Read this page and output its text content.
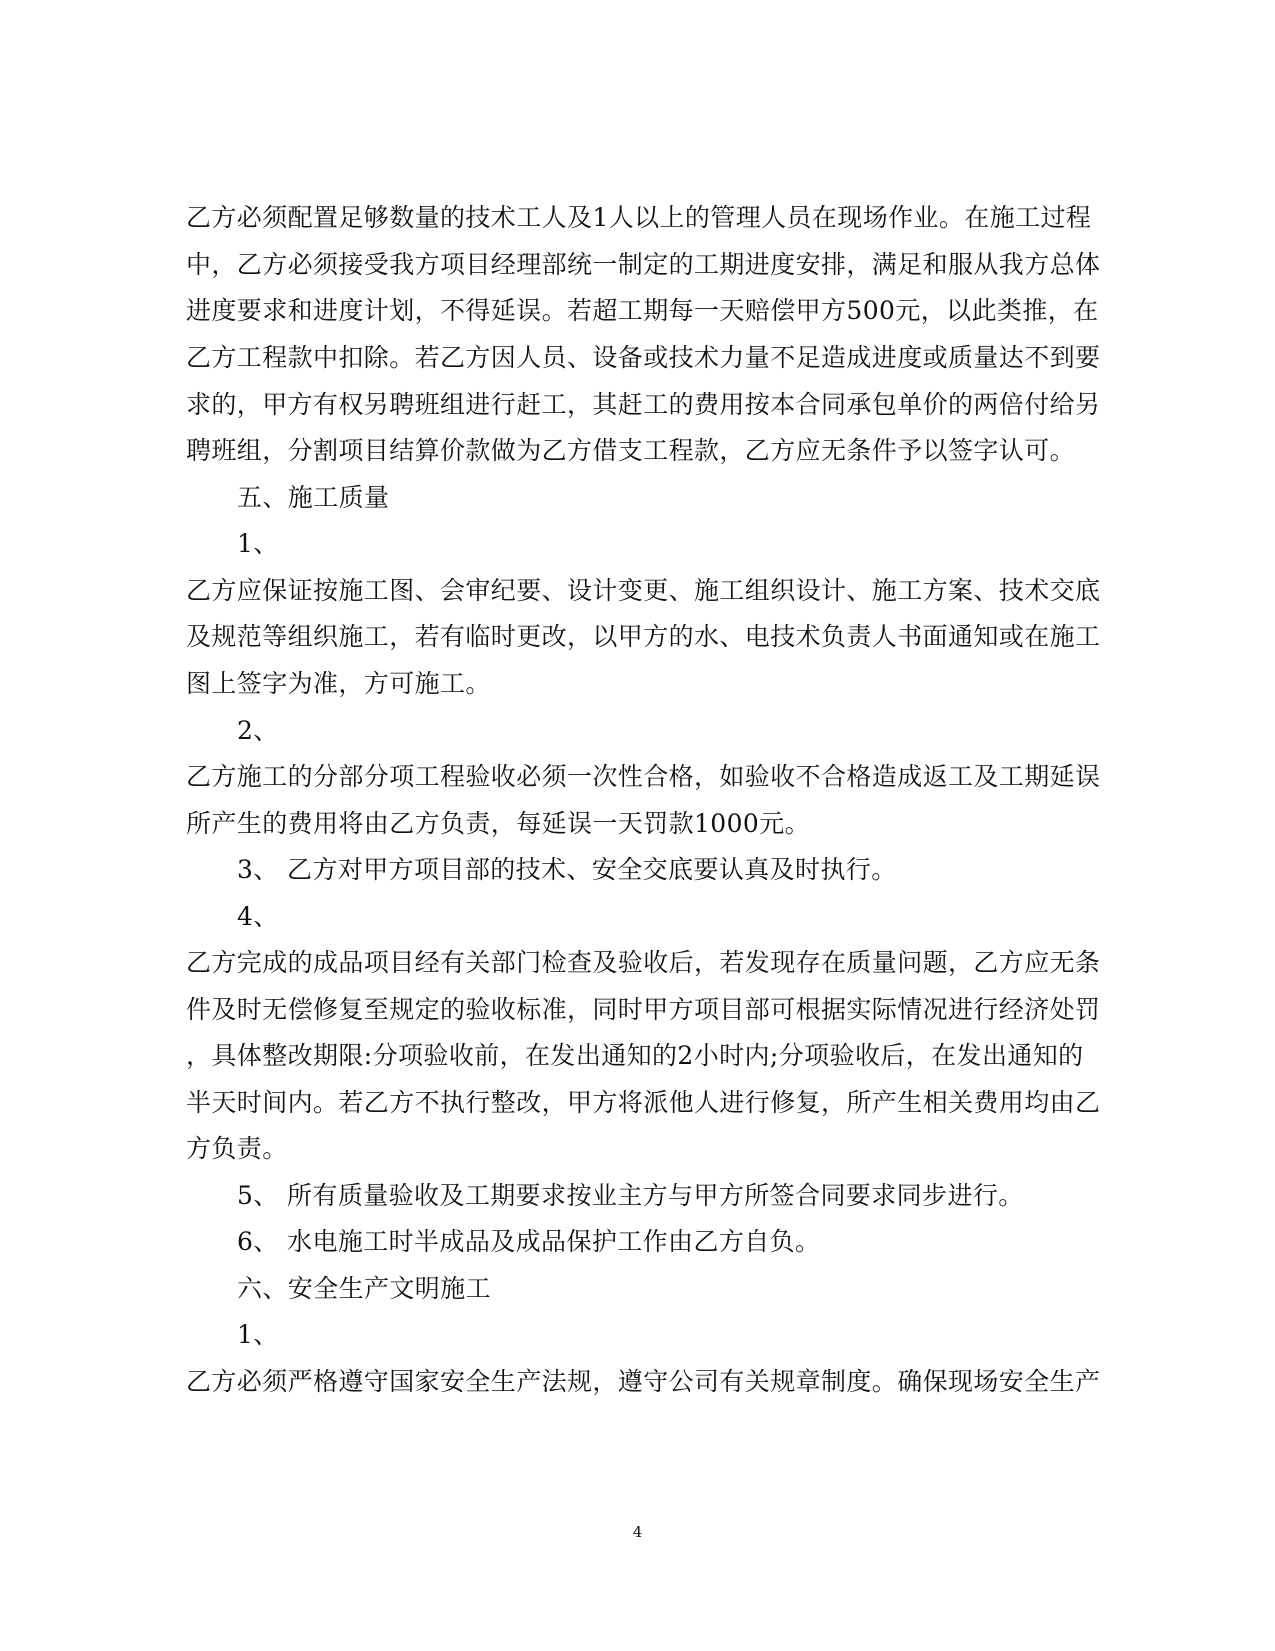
乙方必须配置足够数量的技术工人及1人以上的管理人员在现场作业。在施工过程
中，乙方必须接受我方项目经理部统一制定的工期进度安排，满足和服从我方总体
进度要求和进度计划，不得延误。若超工期每一天赔偿甲方500元，以此类推，在
乙方工程款中扣除。若乙方因人员、设备或技术力量不足造成进度或质量达不到要
求的，甲方有权另聘班组进行赶工，其赶工的费用按本合同承包单价的两倍付给另
聘班组，分割项目结算价款做为乙方借支工程款，乙方应无条件予以签字认可。
五、施工质量
1、
乙方应保证按施工图、会审纪要、设计变更、施工组织设计、施工方案、技术交底
及规范等组织施工，若有临时更改，以甲方的水、电技术负责人书面通知或在施工
图上签字为准，方可施工。
2、
乙方施工的分部分项工程验收必须一次性合格，如验收不合格造成返工及工期延误
所产生的费用将由乙方负责，每延误一天罚款1000元。
3、 乙方对甲方项目部的技术、安全交底要认真及时执行。
4、
乙方完成的成品项目经有关部门检查及验收后，若发现存在质量问题，乙方应无条
件及时无偿修复至规定的验收标准，同时甲方项目部可根据实际情况进行经济处罚
，具体整改期限:分项验收前，在发出通知的2小时内;分项验收后，在发出通知的
半天时间内。若乙方不执行整改，甲方将派他人进行修复，所产生相关费用均由乙
方负责。
5、 所有质量验收及工期要求按业主方与甲方所签合同要求同步进行。
6、 水电施工时半成品及成品保护工作由乙方自负。
六、安全生产文明施工
1、
乙方必须严格遵守国家安全生产法规，遵守公司有关规章制度。确保现场安全生产
4
